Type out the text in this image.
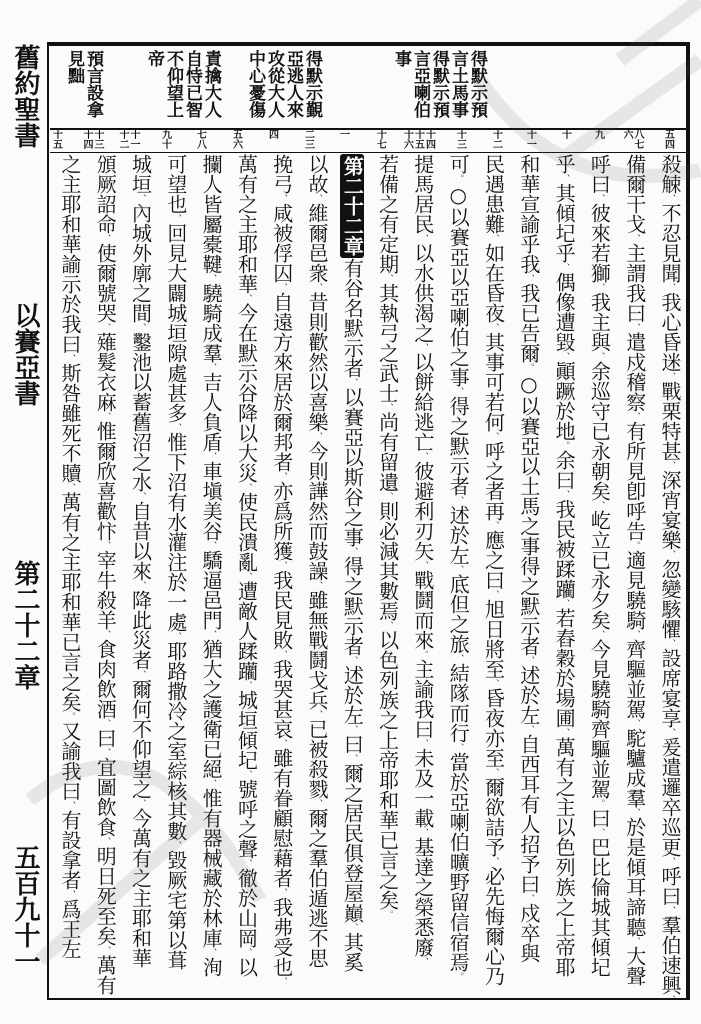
舊約聖書
以賽亞書
第二十二章
五百九十一
得默示預
言土馬事
得默示預
言亞喇伯
事
得默示覲
亞逃人來
攻從大人
中心憂傷
責擒大人
自恃已智
不仰望上
帝
預言設拿
見黜
五四
八七六
九
十
十一
十二
十三
十四十五十六
十七
一
二三
四
五六
七八
九十
十一十二
十三十四
十五
殺觫、不忍見聞、我心昏迷、戰栗特甚、深宵宴樂、忽變駭懼、設席宴享、爰遣邏卒巡更、呼曰、羣伯速興、
備爾干戈、主謂我曰、遣戍稽察、有所見卽呼告。適見驍騎、齊驅並駕、駝驢成羣、於是傾耳諦聽、大聲
呼曰、彼來若獅、我主與、余巡守已永朝矣、屹立已永夕矣、今見驍騎齊驅並駕。曰、巴比倫城其傾圮
乎、其傾圮乎、偶像遭毀、顚蹶於地。余曰、我民被蹂躪、若舂穀於場圃、萬有之主以色列族之上帝耶
和華宣諭乎我、我已告爾。○以賽亞以土馬之事得之默示者、述於左、自西耳有人招予曰、戍卒與
民遇患難、如在昏夜、其事可若何、呼之者再、應之曰、旭日將至、昏夜亦至、爾欲詰予、必先悔爾心乃
可。○以賽亞以亞喇伯之事、得之默示者、述於左、底但之旅、結隊而行、當於亞喇伯曠野留信宿焉。
提馬居民、以水供渴之、以餅給逃亡、彼避利刃矢、戰鬪而來。主諭我曰、未及一載、基達之榮悉廢、
若備之有定期、其執弓之武士、尚有留遺、則必減其數焉、以色列族之上帝耶和華已言之矣。
第二十二章有谷名默示者、以賽亞以斯谷之事、得之默示者、述於左、曰、爾之居民俱登屋巔、其奚
以故、維爾邑衆、昔則歡然以喜樂、今則譁然而鼓譟、雖無戰鬪戈兵、已被殺戮、爾之羣伯遁逃不思
挽弓、咸被俘囚、自遠方來居於爾邦者、亦爲所獲、我民見敗、我哭甚哀、雖有眷顧慰藉者、我弗受也、
萬有之主耶和華、今在默示谷降以大災、使民潰亂、遭敵人蹂躪、城垣傾圮、號呼之聲、徹於山岡、以
攔人皆屬橐鞬、驍騎成羣、吉人負盾、車塡美谷、驕逼邑門、猶大之護衛已絕、惟有器械藏於林庫、洵
可望也、回見大闢城垣隙處甚多、惟下沼有水灌注於一處、耶路撒冷之室綜核其數、毀厥宅第以葺
城垣、內城外廓之間、鑿池以蓄舊沼之水、自昔以來、降此災者、爾何不仰望之、今萬有之主耶和華
頒厥詔命、使爾號哭、薙髮衣麻、惟爾欣喜歡忭、宰牛殺羊、食肉飲酒、曰、宜圖飲食、明日死至矣、萬有
之主耶和華諭示於我曰、斯咎雖死不贖、萬有之主耶和華已言之矣。又諭我曰、有設拿者、爲王左
